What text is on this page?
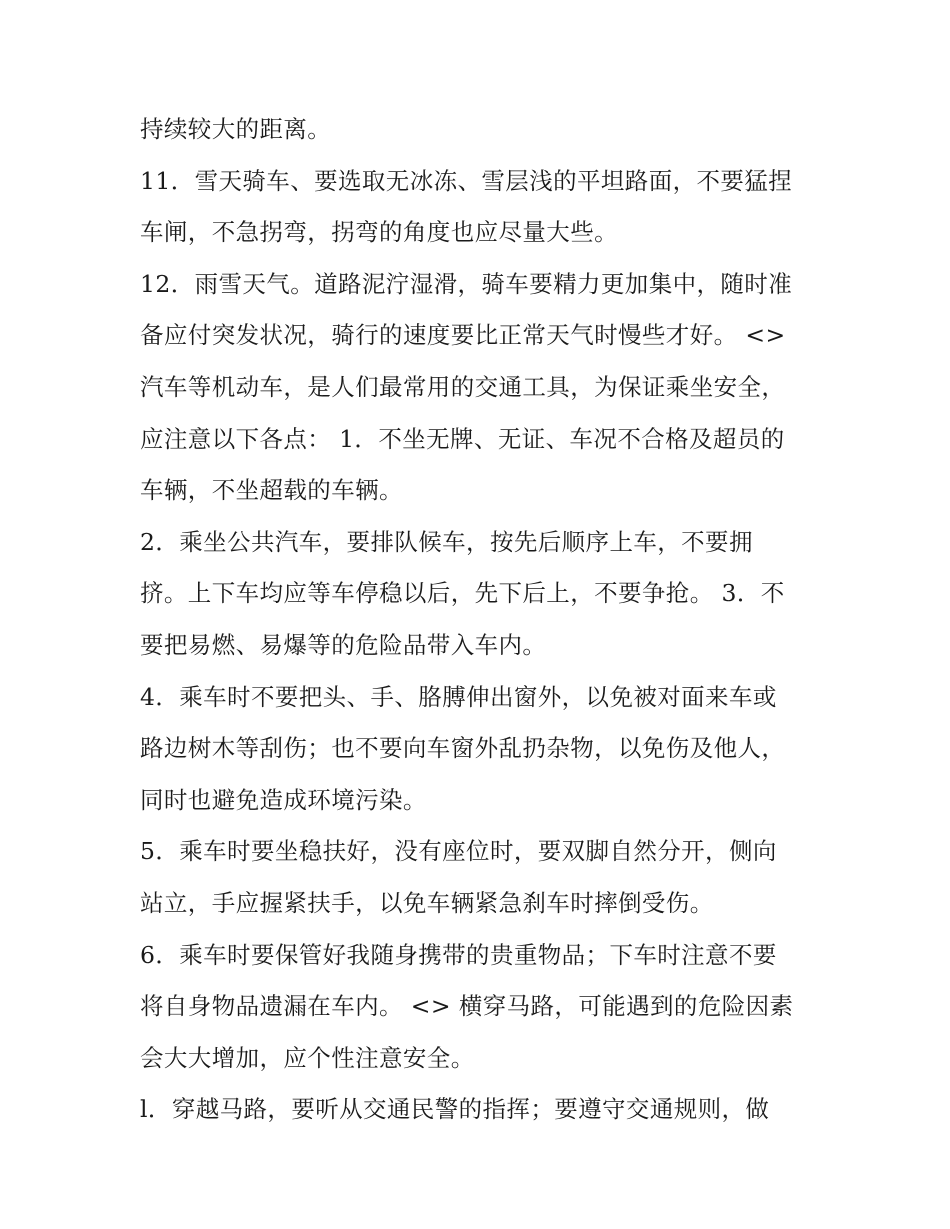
持续较大的距离。
11．雪天骑车、要选取无冰冻、雪层浅的平坦路面，不要猛捏
车闸，不急拐弯，拐弯的角度也应尽量大些。
12．雨雪天气。道路泥泞湿滑，骑车要精力更加集中，随时准
备应付突发状况，骑行的速度要比正常天气时慢些才好。 <>
汽车等机动车，是人们最常用的交通工具，为保证乘坐安全，
应注意以下各点： 1．不坐无牌、无证、车况不合格及超员的
车辆，不坐超载的车辆。
2．乘坐公共汽车，要排队候车，按先后顺序上车，不要拥
挤。上下车均应等车停稳以后，先下后上，不要争抢。 3．不
要把易燃、易爆等的危险品带入车内。
4．乘车时不要把头、手、胳膊伸出窗外，以免被对面来车或
路边树木等刮伤；也不要向车窗外乱扔杂物，以免伤及他人，
同时也避免造成环境污染。
5．乘车时要坐稳扶好，没有座位时，要双脚自然分开，侧向
站立，手应握紧扶手，以免车辆紧急刹车时摔倒受伤。
6．乘车时要保管好我随身携带的贵重物品；下车时注意不要
将自身物品遗漏在车内。 <> 横穿马路，可能遇到的危险因素
会大大增加，应个性注意安全。
l．穿越马路，要听从交通民警的指挥；要遵守交通规则，做
